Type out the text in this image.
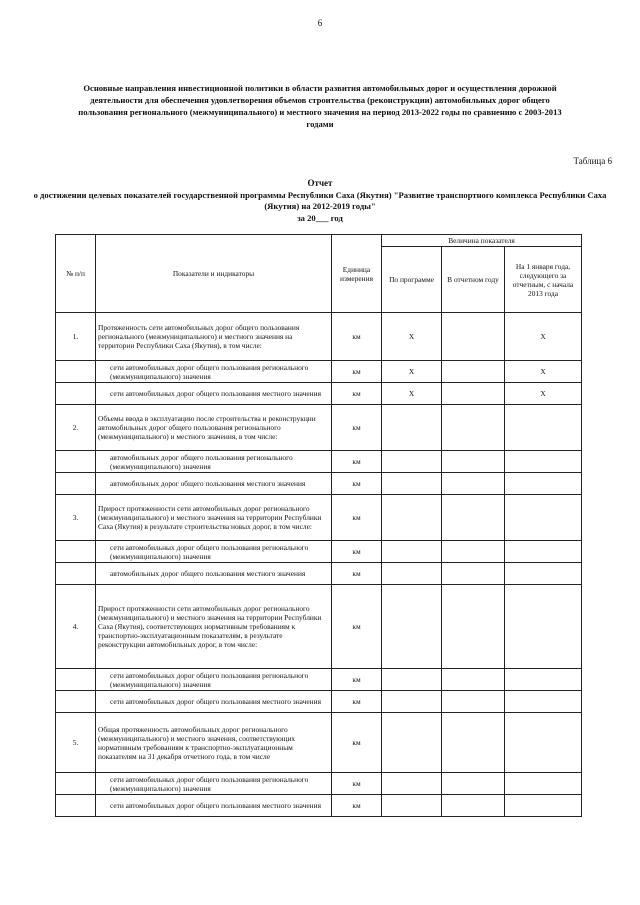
6
Основные направления инвестиционной политики в области развития автомобильных дорог и осуществления дорожной деятельности для обеспечения удовлетворения объемов строительства (реконструкции) автомобильных дорог общего пользования регионального (межмуниципального) и местного значения на период 2013-2022 годы по сравнению с 2003-2013 годами
Таблица 6
Отчет
о достижении целевых показателей государственной программы Республики Саха (Якутия) "Развитие транспортного комплекса Республики Саха (Якутия) на 2012-2019 годы"
за 20___ год
№ п/п	Показатели и индикаторы	Единица измерения	Величина показателя		
			По программе	В отчетном году	На 1 января года, следующего за отчетным, с начала 2013 года
1.	Протяженность сети автомобильных дорог общего пользования регионального (межмуниципального) и местного значения на территории Республики Саха (Якутия), в том числе:	км	X		X
	сети автомобильных дорог общего пользования регионального (межмуниципального) значения	км	X		X
	сети автомобильных дорог общего пользования местного значения	км	X		X
2.	Объемы ввода в эксплуатацию после строительства и реконструкции автомобильных дорог общего пользования регионального (межмуниципального) и местного значения, в том числе:	км			
	автомобильных дорог общего пользования регионального (межмуниципального) значения	км			
	автомобильных дорог общего пользования местного значения	км			
3.	Прирост протяженности сети автомобильных дорог регионального (межмуниципального) и местного значения на территории Республики Саха (Якутия) в результате строительства новых дорог, в том числе:	км			
	сети автомобильных дорог общего пользования регионального (межмуниципального) значения	км			
	автомобильных дорог общего пользования местного значения	км			
4.	Прирост протяженности сети автомобильных дорог регионального (межмуниципального) и местного значения на территории Республики Саха (Якутия), соответствующих нормативным требованиям к транспортно-эксплуатационным показателям, в результате реконструкции автомобильных дорог, в том числе:	км			
	сети автомобильных дорог общего пользования регионального (межмуниципального) значения	км			
	сети автомобильных дорог общего пользования местного значения	км			
5.	Общая протяженность автомобильных дорог регионального (межмуниципального) и местного значения, соответствующих нормативным требованиям к транспортно-эксплуатационным показателям на 31 декабря отчетного года, в том числе	км			
	сети автомобильных дорог общего пользования регионального (межмуниципального) значения	км			
	сети автомобильных дорог общего пользования местного значения	км			
